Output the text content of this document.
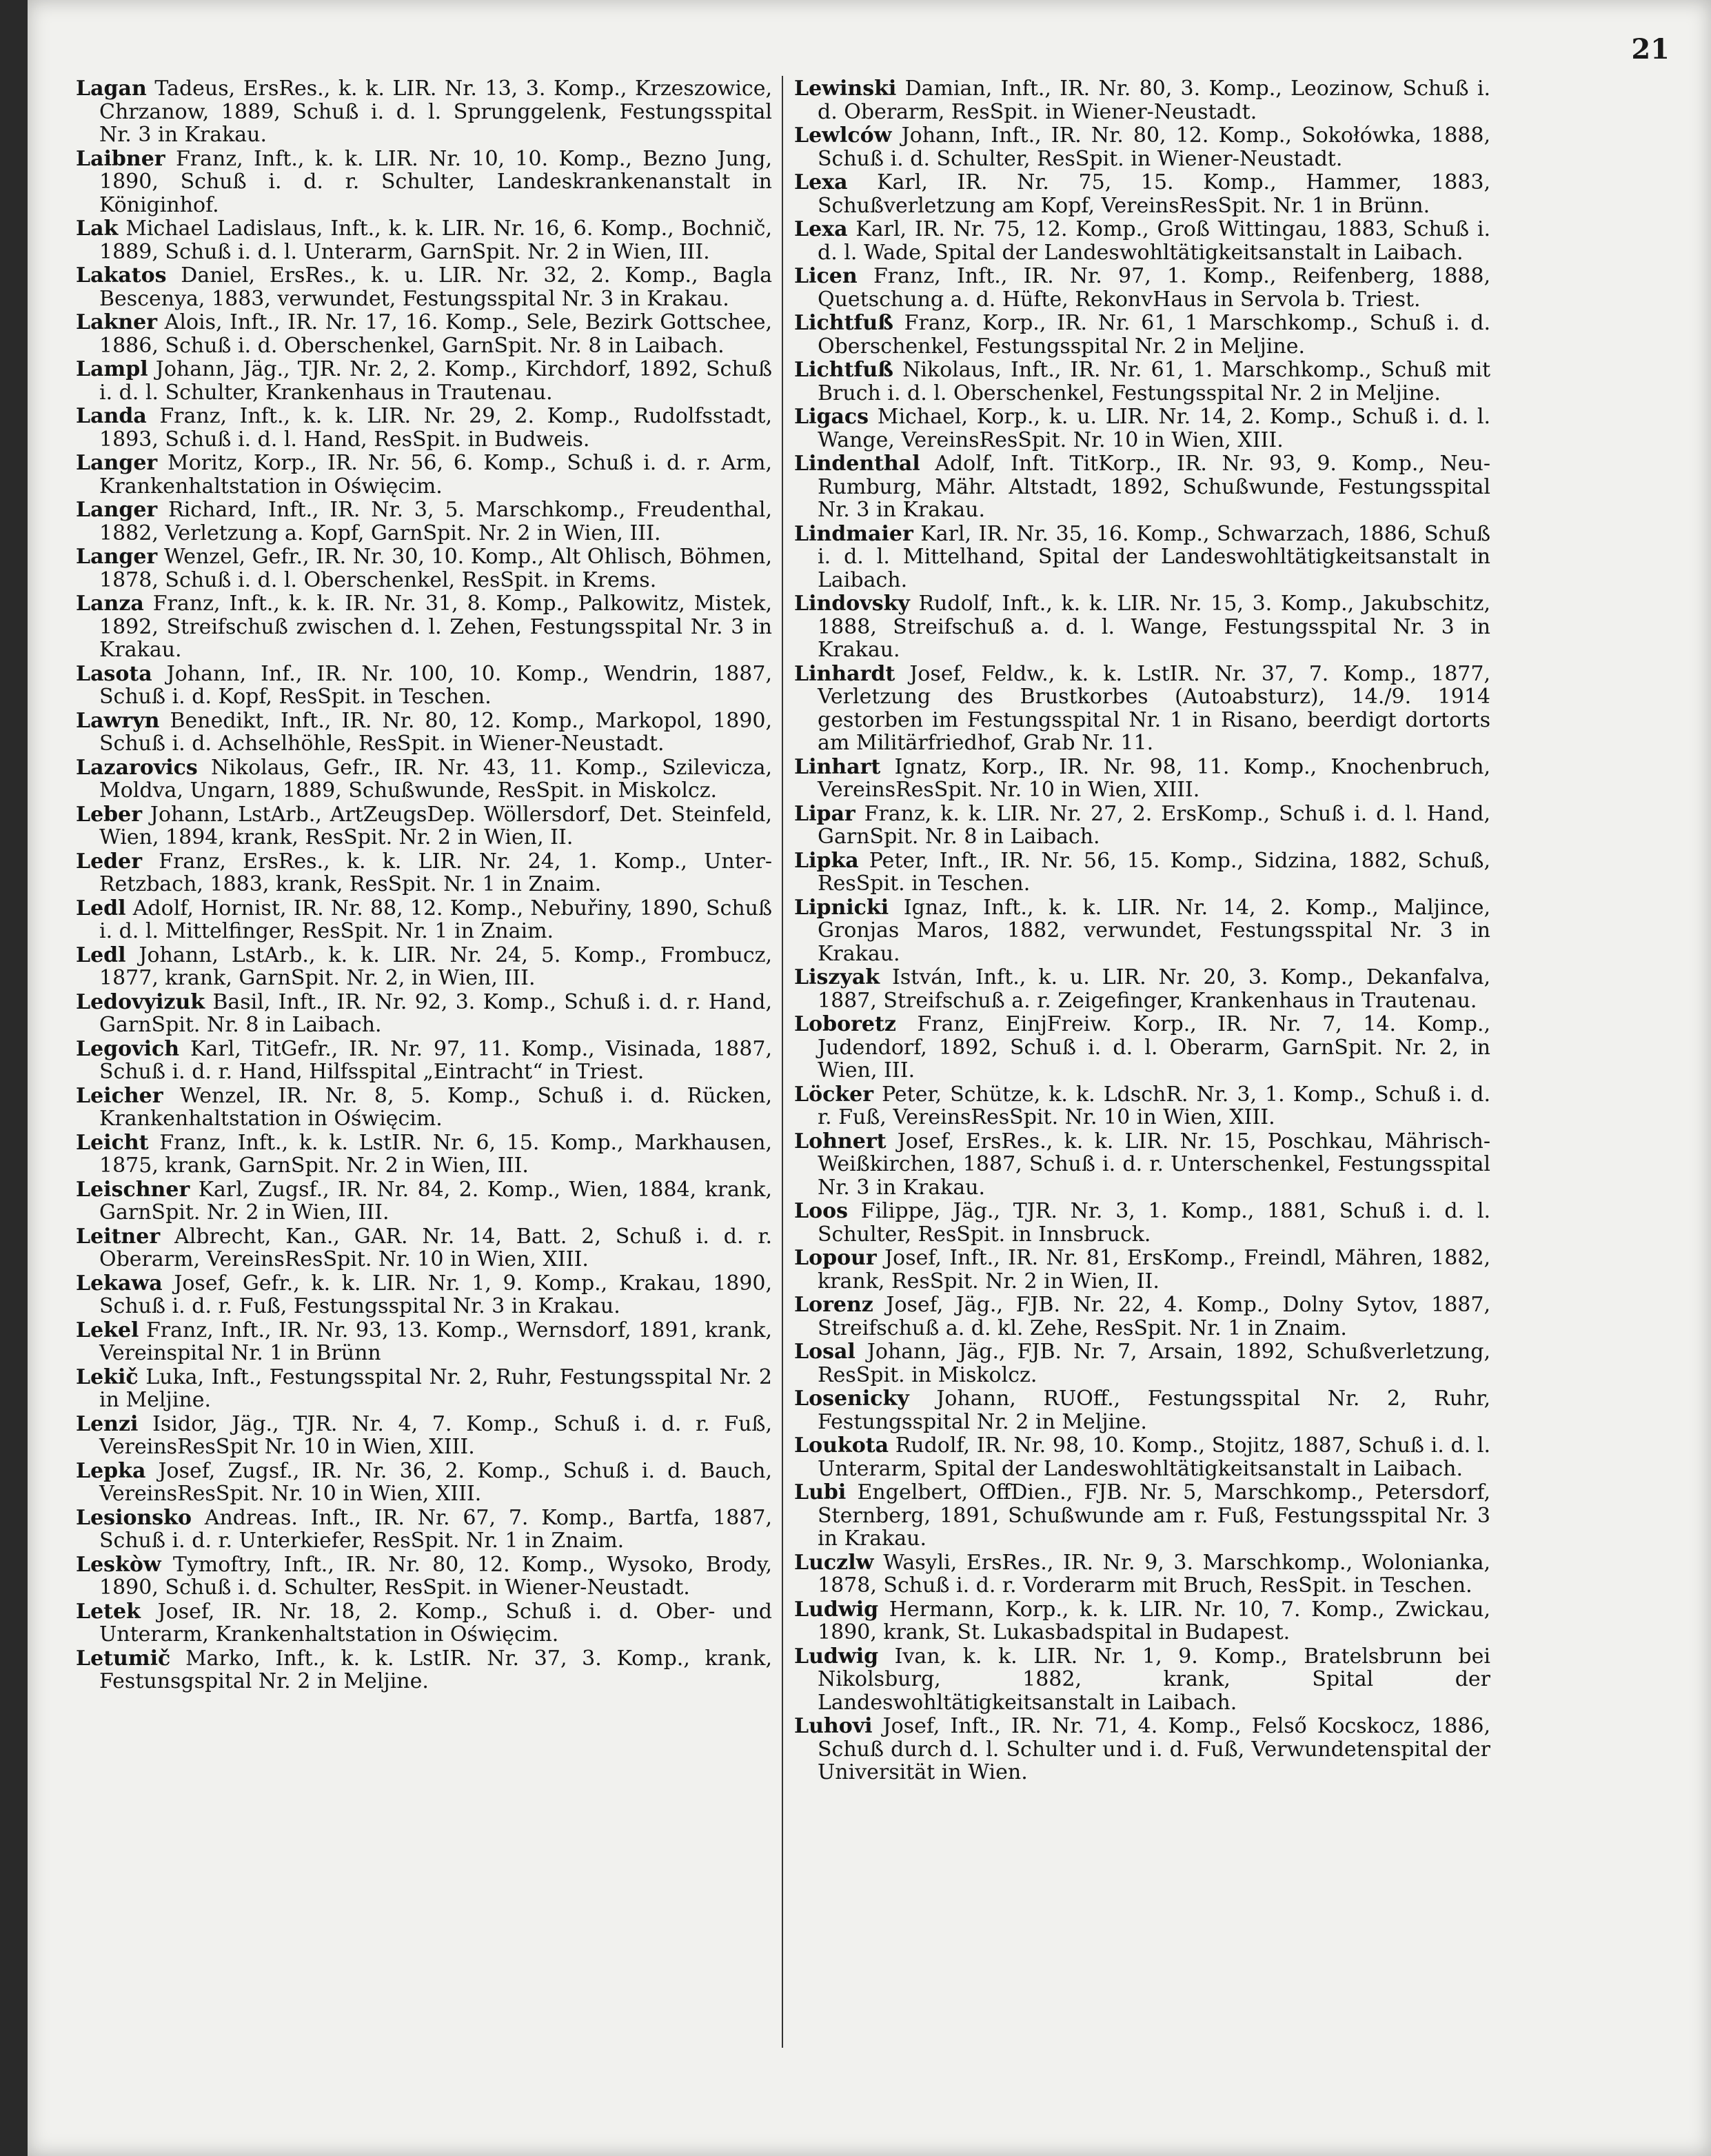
21

Lagan Tadeus, ErsRes., k. k. LIR. Nr. 13, 3. Komp., Krzeszowice, Chrzanow, 1889, Schuß i. d. l. Sprunggelenk, Festungsspital Nr. 3 in Krakau.

Laibner Franz, Inft., k. k. LIR. Nr. 10, 10. Komp., Bezno Jung, 1890, Schuß i. d. r. Schulter, Landeskrankenanstalt in Königinhof.

Lak Michael Ladislaus, Inft., k. k. LIR. Nr. 16, 6. Komp., Bochnič, 1889, Schuß i. d. l. Unterarm, GarnSpit. Nr. 2 in Wien, III.

Lakatos Daniel, ErsRes., k. u. LIR. Nr. 32, 2. Komp., Bagla Bescenya, 1883, verwundet, Festungsspital Nr. 3 in Krakau.

Lakner Alois, Inft., IR. Nr. 17, 16. Komp., Sele, Bezirk Gottschee, 1886, Schuß i. d. Oberschenkel, GarnSpit. Nr. 8 in Laibach.

Lampl Johann, Jäg., TJR. Nr. 2, 2. Komp., Kirchdorf, 1892, Schuß i. d. l. Schulter, Krankenhaus in Trautenau.

Landa Franz, Inft., k. k. LIR. Nr. 29, 2. Komp., Rudolfsstadt, 1893, Schuß i. d. l. Hand, ResSpit. in Budweis.

Langer Moritz, Korp., IR. Nr. 56, 6. Komp., Schuß i. d. r. Arm, Krankenhaltstation in Oświęcim.

Langer Richard, Inft., IR. Nr. 3, 5. Marschkomp., Freudenthal, 1882, Verletzung a. Kopf, GarnSpit. Nr. 2 in Wien, III.

Langer Wenzel, Gefr., IR. Nr. 30, 10. Komp., Alt Ohlisch, Böhmen, 1878, Schuß i. d. l. Oberschenkel, ResSpit. in Krems.

Lanza Franz, Inft., k. k. IR. Nr. 31, 8. Komp., Palkowitz, Mistek, 1892, Streifschuß zwischen d. l. Zehen, Festungsspital Nr. 3 in Krakau.

Lasota Johann, Inf., IR. Nr. 100, 10. Komp., Wendrin, 1887, Schuß i. d. Kopf, ResSpit. in Teschen.

Lawryn Benedikt, Inft., IR. Nr. 80, 12. Komp., Markopol, 1890, Schuß i. d. Achselhöhle, ResSpit. in Wiener-Neustadt.

Lazarovics Nikolaus, Gefr., IR. Nr. 43, 11. Komp., Szilevicza, Moldva, Ungarn, 1889, Schußwunde, ResSpit. in Miskolcz.

Leber Johann, LstArb., ArtZeugsDep. Wöllersdorf, Det. Steinfeld, Wien, 1894, krank, ResSpit. Nr. 2 in Wien, II.

Leder Franz, ErsRes., k. k. LIR. Nr. 24, 1. Komp., Unter-Retzbach, 1883, krank, ResSpit. Nr. 1 in Znaim.

Ledl Adolf, Hornist, IR. Nr. 88, 12. Komp., Nebuřiny, 1890, Schuß i. d. l. Mittelfinger, ResSpit. Nr. 1 in Znaim.

Ledl Johann, LstArb., k. k. LIR. Nr. 24, 5. Komp., Frombucz, 1877, krank, GarnSpit. Nr. 2, in Wien, III.

Ledovyizuk Basil, Inft., IR. Nr. 92, 3. Komp., Schuß i. d. r. Hand, GarnSpit. Nr. 8 in Laibach.

Legovich Karl, TitGefr., IR. Nr. 97, 11. Komp., Visinada, 1887, Schuß i. d. r. Hand, Hilfsspital „Eintracht“ in Triest.

Leicher Wenzel, IR. Nr. 8, 5. Komp., Schuß i. d. Rücken, Krankenhaltstation in Oświęcim.

Leicht Franz, Inft., k. k. LstIR. Nr. 6, 15. Komp., Markhausen, 1875, krank, GarnSpit. Nr. 2 in Wien, III.

Leischner Karl, Zugsf., IR. Nr. 84, 2. Komp., Wien, 1884, krank, GarnSpit. Nr. 2 in Wien, III.

Leitner Albrecht, Kan., GAR. Nr. 14, Batt. 2, Schuß i. d. r. Oberarm, VereinsResSpit. Nr. 10 in Wien, XIII.

Lekawa Josef, Gefr., k. k. LIR. Nr. 1, 9. Komp., Krakau, 1890, Schuß i. d. r. Fuß, Festungsspital Nr. 3 in Krakau.

Lekel Franz, Inft., IR. Nr. 93, 13. Komp., Wernsdorf, 1891, krank, Vereinspital Nr. 1 in Brünn

Lekič Luka, Inft., Festungsspital Nr. 2, Ruhr, Festungsspital Nr. 2 in Meljine.

Lenzi Isidor, Jäg., TJR. Nr. 4, 7. Komp., Schuß i. d. r. Fuß, VereinsResSpit Nr. 10 in Wien, XIII.

Lepka Josef, Zugsf., IR. Nr. 36, 2. Komp., Schuß i. d. Bauch, VereinsResSpit. Nr. 10 in Wien, XIII.

Lesionsko Andreas. Inft., IR. Nr. 67, 7. Komp., Bartfa, 1887, Schuß i. d. r. Unterkiefer, ResSpit. Nr. 1 in Znaim.

Leskòw Tymoftry, Inft., IR. Nr. 80, 12. Komp., Wysoko, Brody, 1890, Schuß i. d. Schulter, ResSpit. in Wiener-Neustadt.

Letek Josef, IR. Nr. 18, 2. Komp., Schuß i. d. Ober- und Unterarm, Krankenhaltstation in Oświęcim.

Letumič Marko, Inft., k. k. LstIR. Nr. 37, 3. Komp., krank, Festunsgspital Nr. 2 in Meljine.

Lewinski Damian, Inft., IR. Nr. 80, 3. Komp., Leozinow, Schuß i. d. Oberarm, ResSpit. in Wiener-Neustadt.

Lewlców Johann, Inft., IR. Nr. 80, 12. Komp., Sokołówka, 1888, Schuß i. d. Schulter, ResSpit. in Wiener-Neustadt.

Lexa Karl, IR. Nr. 75, 15. Komp., Hammer, 1883, Schußverletzung am Kopf, VereinsResSpit. Nr. 1 in Brünn.

Lexa Karl, IR. Nr. 75, 12. Komp., Groß Wittingau, 1883, Schuß i. d. l. Wade, Spital der Landeswohltätigkeitsanstalt in Laibach.

Licen Franz, Inft., IR. Nr. 97, 1. Komp., Reifenberg, 1888, Quetschung a. d. Hüfte, RekonvHaus in Servola b. Triest.

Lichtfuß Franz, Korp., IR. Nr. 61, 1 Marschkomp., Schuß i. d. Oberschenkel, Festungsspital Nr. 2 in Meljine.

Lichtfuß Nikolaus, Inft., IR. Nr. 61, 1. Marschkomp., Schuß mit Bruch i. d. l. Oberschenkel, Festungsspital Nr. 2 in Meljine.

Ligacs Michael, Korp., k. u. LIR. Nr. 14, 2. Komp., Schuß i. d. l. Wange, VereinsResSpit. Nr. 10 in Wien, XIII.

Lindenthal Adolf, Inft. TitKorp., IR. Nr. 93, 9. Komp., Neu-Rumburg, Mähr. Altstadt, 1892, Schußwunde, Festungsspital Nr. 3 in Krakau.

Lindmaier Karl, IR. Nr. 35, 16. Komp., Schwarzach, 1886, Schuß i. d. l. Mittelhand, Spital der Landeswohltätigkeitsanstalt in Laibach.

Lindovsky Rudolf, Inft., k. k. LIR. Nr. 15, 3. Komp., Jakubschitz, 1888, Streifschuß a. d. l. Wange, Festungsspital Nr. 3 in Krakau.

Linhardt Josef, Feldw., k. k. LstIR. Nr. 37, 7. Komp., 1877, Verletzung des Brustkorbes (Autoabsturz), 14./9. 1914 gestorben im Festungsspital Nr. 1 in Risano, beerdigt dortorts am Militärfriedhof, Grab Nr. 11.

Linhart Ignatz, Korp., IR. Nr. 98, 11. Komp., Knochenbruch, VereinsResSpit. Nr. 10 in Wien, XIII.

Lipar Franz, k. k. LIR. Nr. 27, 2. ErsKomp., Schuß i. d. l. Hand, GarnSpit. Nr. 8 in Laibach.

Lipka Peter, Inft., IR. Nr. 56, 15. Komp., Sidzina, 1882, Schuß, ResSpit. in Teschen.

Lipnicki Ignaz, Inft., k. k. LIR. Nr. 14, 2. Komp., Maljince, Gronjas Maros, 1882, verwundet, Festungsspital Nr. 3 in Krakau.

Liszyak István, Inft., k. u. LIR. Nr. 20, 3. Komp., Dekanfalva, 1887, Streifschuß a. r. Zeigefinger, Krankenhaus in Trautenau.

Loboretz Franz, EinjFreiw. Korp., IR. Nr. 7, 14. Komp., Judendorf, 1892, Schuß i. d. l. Oberarm, GarnSpit. Nr. 2, in Wien, III.

Löcker Peter, Schütze, k. k. LdschR. Nr. 3, 1. Komp., Schuß i. d. r. Fuß, VereinsResSpit. Nr. 10 in Wien, XIII.

Lohnert Josef, ErsRes., k. k. LIR. Nr. 15, Poschkau, Mährisch-Weißkirchen, 1887, Schuß i. d. r. Unterschenkel, Festungsspital Nr. 3 in Krakau.

Loos Filippe, Jäg., TJR. Nr. 3, 1. Komp., 1881, Schuß i. d. l. Schulter, ResSpit. in Innsbruck.

Lopour Josef, Inft., IR. Nr. 81, ErsKomp., Freindl, Mähren, 1882, krank, ResSpit. Nr. 2 in Wien, II.

Lorenz Josef, Jäg., FJB. Nr. 22, 4. Komp., Dolny Sytov, 1887, Streifschuß a. d. kl. Zehe, ResSpit. Nr. 1 in Znaim.

Losal Johann, Jäg., FJB. Nr. 7, Arsain, 1892, Schußverletzung, ResSpit. in Miskolcz.

Losenicky Johann, RUOff., Festungsspital Nr. 2, Ruhr, Festungsspital Nr. 2 in Meljine.

Loukota Rudolf, IR. Nr. 98, 10. Komp., Stojitz, 1887, Schuß i. d. l. Unterarm, Spital der Landeswohltätigkeitsanstalt in Laibach.

Lubi Engelbert, OffDien., FJB. Nr. 5, Marschkomp., Petersdorf, Sternberg, 1891, Schußwunde am r. Fuß, Festungsspital Nr. 3 in Krakau.

Luczlw Wasyli, ErsRes., IR. Nr. 9, 3. Marschkomp., Wolonianka, 1878, Schuß i. d. r. Vorderarm mit Bruch, ResSpit. in Teschen.

Ludwig Hermann, Korp., k. k. LIR. Nr. 10, 7. Komp., Zwickau, 1890, krank, St. Lukasbadspital in Budapest.

Ludwig Ivan, k. k. LIR. Nr. 1, 9. Komp., Bratelsbrunn bei Nikolsburg, 1882, krank, Spital der Landeswohltätigkeitsanstalt in Laibach.

Luhovi Josef, Inft., IR. Nr. 71, 4. Komp., Felső Kocskocz, 1886, Schuß durch d. l. Schulter und i. d. Fuß, Verwundetenspital der Universität in Wien.
